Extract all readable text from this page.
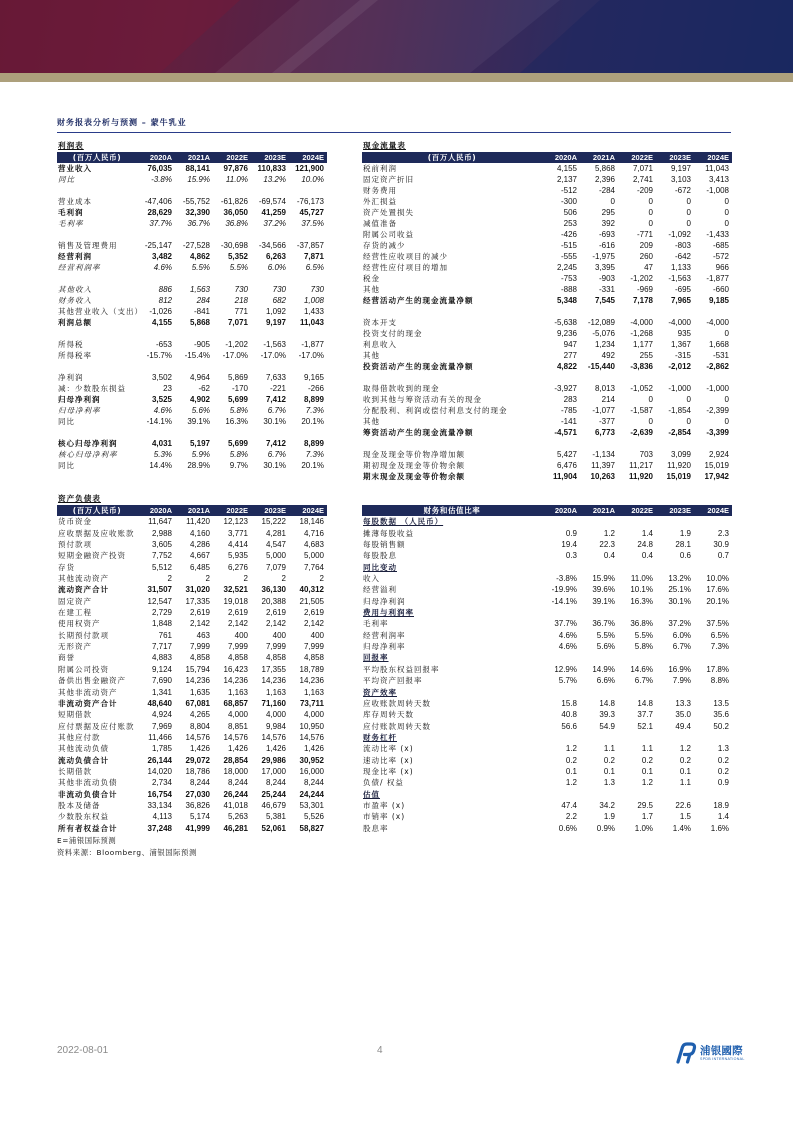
财务报表分析与预测 – 蒙牛乳业
利润表
(百万人民币)	2020A	2021A	2022E	2023E	2024E
营业收入	76,035	88,141	97,876	110,833	121,900
同比	-3.8%	15.9%	11.0%	13.2%	10.0%

营业成本	-47,406	-55,752	-61,826	-69,574	-76,173
毛利润	28,629	32,390	36,050	41,259	45,727
毛利率	37.7%	36.7%	36.8%	37.2%	37.5%

销售及管理费用	-25,147	-27,528	-30,698	-34,566	-37,857
经营利润	3,482	4,862	5,352	6,263	7,871
经营利润率	4.6%	5.5%	5.5%	6.0%	6.5%

其他收入	886	1,563	730	730	730
财务收入	812	284	218	682	1,008
其他营业收入（支出）	-1,026	-841	771	1,092	1,433
利润总额	4,155	5,868	7,071	9,197	11,043

所得税	-653	-905	-1,202	-1,563	-1,877
所得税率	-15.7%	-15.4%	-17.0%	-17.0%	-17.0%

净利润	3,502	4,964	5,869	7,633	9,165
减：少数股东损益	23	-62	-170	-221	-266
归母净利润	3,525	4,902	5,699	7,412	8,899
归母净利率	4.6%	5.6%	5.8%	6.7%	7.3%
同比	-14.1%	39.1%	16.3%	30.1%	20.1%

核心归母净利润	4,031	5,197	5,699	7,412	8,899
核心归母净利率	5.3%	5.9%	5.8%	6.7%	7.3%
同比	14.4%	28.9%	9.7%	30.1%	20.1%
现金流量表
(百万人民币)	2020A	2021A	2022E	2023E	2024E
税前利润	4,155	5,868	7,071	9,197	11,043
固定资产折旧	2,137	2,396	2,741	3,103	3,413
财务费用	-512	-284	-209	-672	-1,008
外汇损益	-300	0	0	0	0
资产处置损失	506	295	0	0	0
减值准备	253	392	0	0	0
附属公司收益	-426	-693	-771	-1,092	-1,433
存货的减少	-515	-616	209	-803	-685
经营性应收项目的减少	-555	-1,975	260	-642	-572
经营性应付项目的增加	2,245	3,395	47	1,133	966
税金	-753	-903	-1,202	-1,563	-1,877
其他	-888	-331	-969	-695	-660
经营活动产生的现金流量净额	5,348	7,545	7,178	7,965	9,185

资本开支	-5,638	-12,089	-4,000	-4,000	-4,000
投资支付的现金	9,236	-5,076	-1,268	935	0
利息收入	947	1,234	1,177	1,367	1,668
其他	277	492	255	-315	-531
投资活动产生的现金流量净额	4,822	-15,440	-3,836	-2,012	-2,862

取得借款收到的现金	-3,927	8,013	-1,052	-1,000	-1,000
收到其他与筹资活动有关的现金	283	214	0	0	0
分配股利、利润或偿付利息支付的现金	-785	-1,077	-1,587	-1,854	-2,399
其他	-141	-377	0	0	0
筹资活动产生的现金流量净额	-4,571	6,773	-2,639	-2,854	-3,399

现金及现金等价物净增加额	5,427	-1,134	703	3,099	2,924
期初现金及现金等价物余额	6,476	11,397	11,217	11,920	15,019
期末现金及现金等价物余额	11,904	10,263	11,920	15,019	17,942
资产负债表
(百万人民币)	2020A	2021A	2022E	2023E	2024E
货币资金	11,647	11,420	12,123	15,222	18,146
应收票据及应收账款	2,988	4,160	3,771	4,281	4,716
预付款项	3,605	4,286	4,414	4,547	4,683
短期金融资产投资	7,752	4,667	5,935	5,000	5,000
存货	5,512	6,485	6,276	7,079	7,764
其他流动资产	2	2	2	2	2
流动资产合计	31,507	31,020	32,521	36,130	40,312
固定资产	12,547	17,335	19,018	20,388	21,505
在建工程	2,729	2,619	2,619	2,619	2,619
使用权资产	1,848	2,142	2,142	2,142	2,142
长期预付款项	761	463	400	400	400
无形资产	7,717	7,999	7,999	7,999	7,999
商誉	4,883	4,858	4,858	4,858	4,858
附属公司投资	9,124	15,794	16,423	17,355	18,789
备供出售金融资产	7,690	14,236	14,236	14,236	14,236
其他非流动资产	1,341	1,635	1,163	1,163	1,163
非流动资产合计	48,640	67,081	68,857	71,160	73,711
短期借款	4,924	4,265	4,000	4,000	4,000
应付票据及应付账款	7,969	8,804	8,851	9,984	10,950
其他应付款	11,466	14,576	14,576	14,576	14,576
其他流动负债	1,785	1,426	1,426	1,426	1,426
流动负债合计	26,144	29,072	28,854	29,986	30,952
长期借款	14,020	18,786	18,000	17,000	16,000
其他非流动负债	2,734	8,244	8,244	8,244	8,244
非流动负债合计	16,754	27,030	26,244	25,244	24,244
股本及储备	33,134	36,826	41,018	46,679	53,301
少数股东权益	4,113	5,174	5,263	5,381	5,526
所有者权益合计	37,248	41,999	46,281	52,061	58,827
财务和估值比率	2020A	2021A	2022E	2023E	2024E
每股数据 （人民币）					
摊薄每股收益	0.9	1.2	1.4	1.9	2.3
每股销售额	19.4	22.3	24.8	28.1	30.9
每股股息	0.3	0.4	0.4	0.6	0.7
同比变动					
收入	-3.8%	15.9%	11.0%	13.2%	10.0%
经营溢利	-19.9%	39.6%	10.1%	25.1%	17.6%
归母净利润	-14.1%	39.1%	16.3%	30.1%	20.1%
费用与利润率					
毛利率	37.7%	36.7%	36.8%	37.2%	37.5%
经营利润率	4.6%	5.5%	5.5%	6.0%	6.5%
归母净利率	4.6%	5.6%	5.8%	6.7%	7.3%
回报率					
平均股东权益回报率	12.9%	14.9%	14.6%	16.9%	17.8%
平均资产回报率	5.7%	6.6%	6.7%	7.9%	8.8%
资产效率					
应收账款周转天数	15.8	14.8	14.8	13.3	13.5
库存周转天数	40.8	39.3	37.7	35.0	35.6
应付账款周转天数	56.6	54.9	52.1	49.4	50.2
财务杠杆					
流动比率 (x)	1.2	1.1	1.1	1.2	1.3
速动比率 (x)	0.2	0.2	0.2	0.2	0.2
现金比率 (x)	0.1	0.1	0.1	0.1	0.2
负债/ 权益	1.2	1.3	1.2	1.1	0.9
估值					
市盈率 (x)	47.4	34.2	29.5	22.6	18.9
市销率 (x)	2.2	1.9	1.7	1.5	1.4
股息率	0.6%	0.9%	1.0%	1.4%	1.6%
E=浦银国际预测
资料来源：Bloomberg、浦银国际预测
2022-08-01	4	浦银國際
SPDB INTERNATIONAL
